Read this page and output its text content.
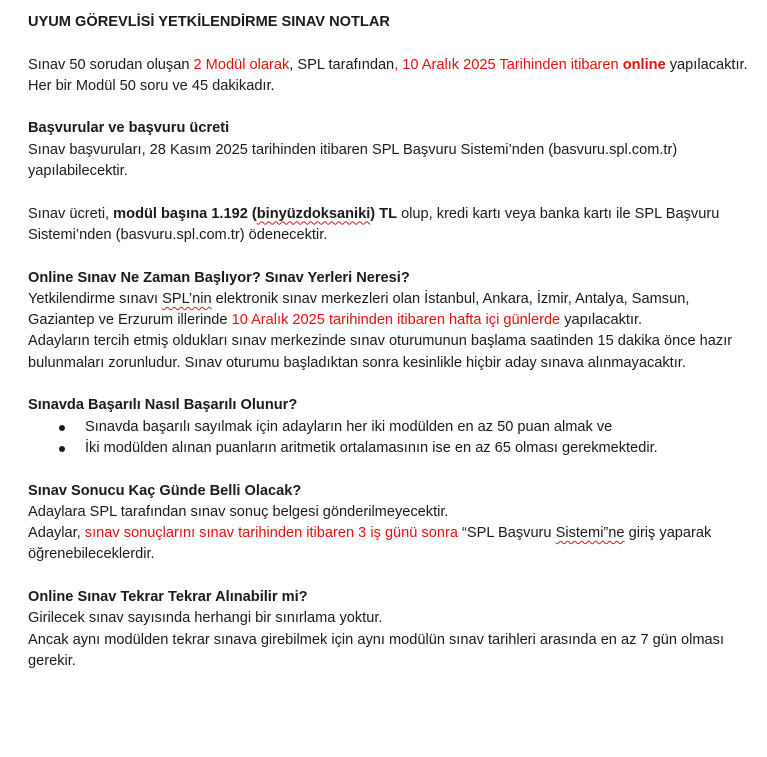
UYUM GÖREVLİSİ YETKİLENDİRME SINAV NOTLAR

Sınav 50 sorudan oluşan 2 Modül olarak, SPL tarafından, 10 Aralık 2025 Tarihinden itibaren online yapılacaktır.

Her bir Modül 50 soru ve 45 dakikadır.

Başvurular ve başvuru ücreti

Sınav başvuruları, 28 Kasım 2025 tarihinden itibaren SPL Başvuru Sistemi’nden (basvuru.spl.com.tr) yapılabilecektir.

Sınav ücreti, modül başına 1.192 (binyüzdoksaniki) TL olup, kredi kartı veya banka kartı ile SPL Başvuru Sistemi’nden (basvuru.spl.com.tr) ödenecektir.

Online Sınav Ne Zaman Başlıyor? Sınav Yerleri Neresi?

Yetkilendirme sınavı SPL’nin elektronik sınav merkezleri olan İstanbul, Ankara, İzmir, Antalya, Samsun, Gaziantep ve Erzurum illerinde 10 Aralık 2025 tarihinden itibaren hafta içi günlerde yapılacaktır.

Adayların tercih etmiş oldukları sınav merkezinde sınav oturumunun başlama saatinden 15 dakika önce hazır bulunmaları zorunludur. Sınav oturumu başladıktan sonra kesinlikle hiçbir aday sınava alınmayacaktır.

Sınavda Başarılı Nasıl Başarılı Olunur?

Sınavda başarılı sayılmak için adayların her iki modülden en az 50 puan almak ve
İki modülden alınan puanların aritmetik ortalamasının ise en az 65 olması gerekmektedir.

Sınav Sonucu Kaç Günde Belli Olacak?

Adaylara SPL tarafından sınav sonuç belgesi gönderilmeyecektir.

Adaylar, sınav sonuçlarını sınav tarihinden itibaren 3 iş günü sonra “SPL Başvuru Sistemi”ne giriş yaparak öğrenebileceklerdir.

Online Sınav Tekrar Tekrar Alınabilir mi?

Girilecek sınav sayısında herhangi bir sınırlama yoktur.

Ancak aynı modülden tekrar sınava girebilmek için aynı modülün sınav tarihleri arasında en az 7 gün olması gerekir.
